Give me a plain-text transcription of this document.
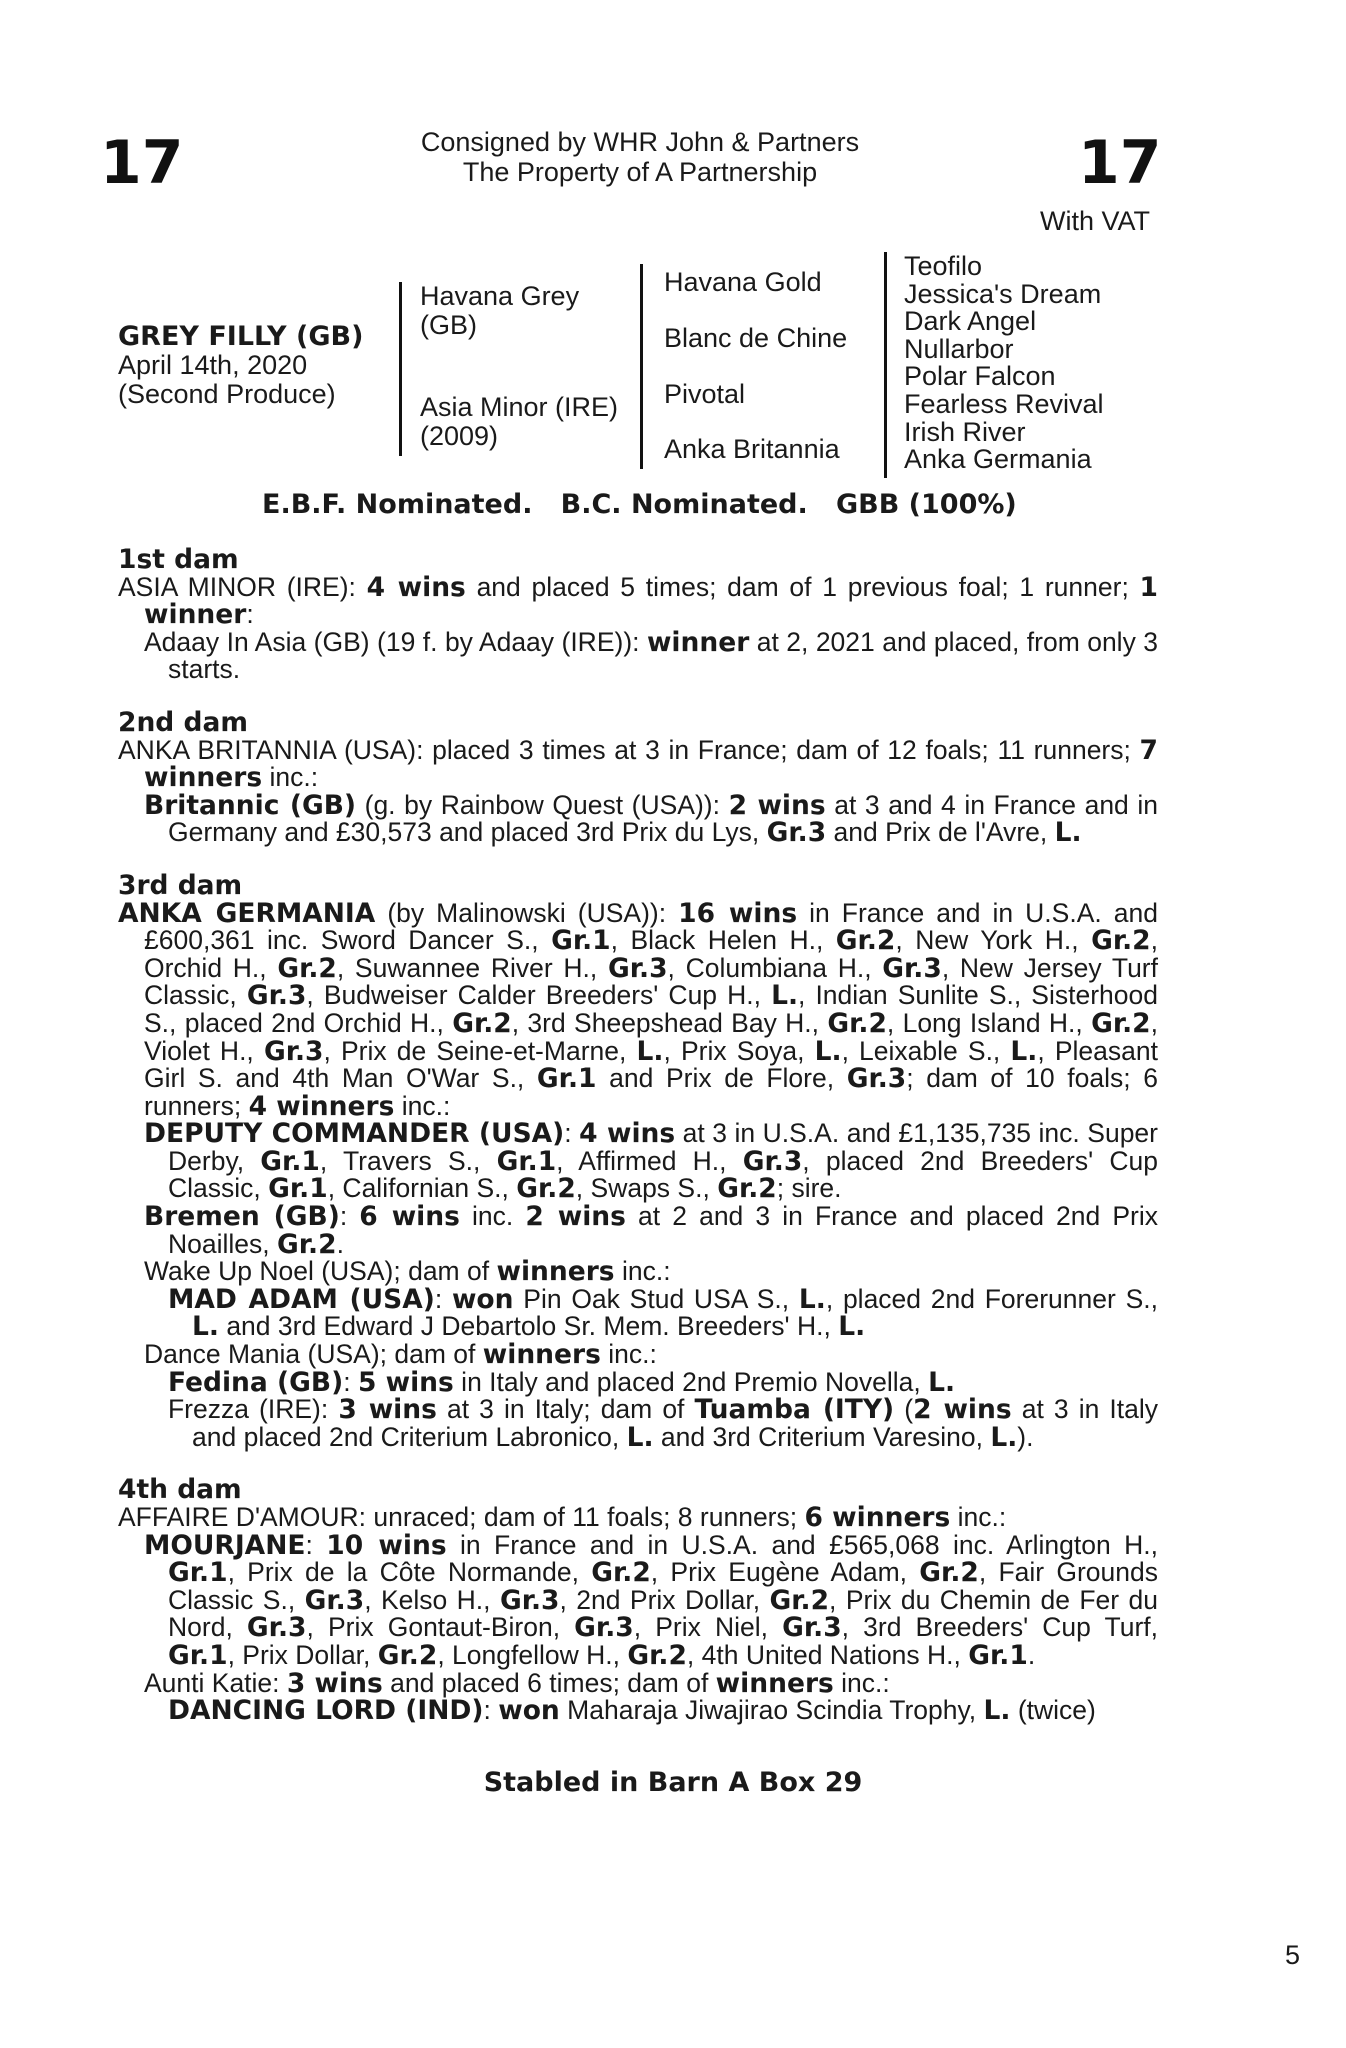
17	17
Consigned by WHR John & Partners
The Property of A Partnership
With VAT
GREY FILLY (GB)
April 14th, 2020
(Second Produce)
Havana Grey
(GB)
Asia Minor (IRE)
(2009)
Havana Gold
Blanc de Chine
Pivotal
Anka Britannia
Teofilo
Jessica's Dream
Dark Angel
Nullarbor
Polar Falcon
Fearless Revival
Irish River
Anka Germania
E.B.F. Nominated. B.C. Nominated. GBB (100%)
1st dam
ASIA MINOR (IRE): 4 wins and placed 5 times; dam of 1 previous foal; 1 runner; 1 winner:
Adaay In Asia (GB) (19 f. by Adaay (IRE)): winner at 2, 2021 and placed, from only 3 starts.
2nd dam
ANKA BRITANNIA (USA): placed 3 times at 3 in France; dam of 12 foals; 11 runners; 7 winners inc.:
Britannic (GB) (g. by Rainbow Quest (USA)): 2 wins at 3 and 4 in France and in Germany and £30,573 and placed 3rd Prix du Lys, Gr.3 and Prix de l'Avre, L.
3rd dam
ANKA GERMANIA (by Malinowski (USA)): 16 wins in France and in U.S.A. and £600,361 inc. Sword Dancer S., Gr.1, Black Helen H., Gr.2, New York H., Gr.2, Orchid H., Gr.2, Suwannee River H., Gr.3, Columbiana H., Gr.3, New Jersey Turf Classic, Gr.3, Budweiser Calder Breeders' Cup H., L., Indian Sunlite S., Sisterhood S., placed 2nd Orchid H., Gr.2, 3rd Sheepshead Bay H., Gr.2, Long Island H., Gr.2, Violet H., Gr.3, Prix de Seine-et-Marne, L., Prix Soya, L., Leixable S., L., Pleasant Girl S. and 4th Man O'War S., Gr.1 and Prix de Flore, Gr.3; dam of 10 foals; 6 runners; 4 winners inc.:
DEPUTY COMMANDER (USA): 4 wins at 3 in U.S.A. and £1,135,735 inc. Super Derby, Gr.1, Travers S., Gr.1, Affirmed H., Gr.3, placed 2nd Breeders' Cup Classic, Gr.1, Californian S., Gr.2, Swaps S., Gr.2; sire.
Bremen (GB): 6 wins inc. 2 wins at 2 and 3 in France and placed 2nd Prix Noailles, Gr.2.
Wake Up Noel (USA); dam of winners inc.:
MAD ADAM (USA): won Pin Oak Stud USA S., L., placed 2nd Forerunner S., L. and 3rd Edward J Debartolo Sr. Mem. Breeders' H., L.
Dance Mania (USA); dam of winners inc.:
Fedina (GB): 5 wins in Italy and placed 2nd Premio Novella, L.
Frezza (IRE): 3 wins at 3 in Italy; dam of Tuamba (ITY) (2 wins at 3 in Italy and placed 2nd Criterium Labronico, L. and 3rd Criterium Varesino, L.).
4th dam
AFFAIRE D'AMOUR: unraced; dam of 11 foals; 8 runners; 6 winners inc.:
MOURJANE: 10 wins in France and in U.S.A. and £565,068 inc. Arlington H., Gr.1, Prix de la Côte Normande, Gr.2, Prix Eugène Adam, Gr.2, Fair Grounds Classic S., Gr.3, Kelso H., Gr.3, 2nd Prix Dollar, Gr.2, Prix du Chemin de Fer du Nord, Gr.3, Prix Gontaut-Biron, Gr.3, Prix Niel, Gr.3, 3rd Breeders' Cup Turf, Gr.1, Prix Dollar, Gr.2, Longfellow H., Gr.2, 4th United Nations H., Gr.1.
Aunti Katie: 3 wins and placed 6 times; dam of winners inc.:
DANCING LORD (IND): won Maharaja Jiwajirao Scindia Trophy, L. (twice)
Stabled in Barn A Box 29
5
